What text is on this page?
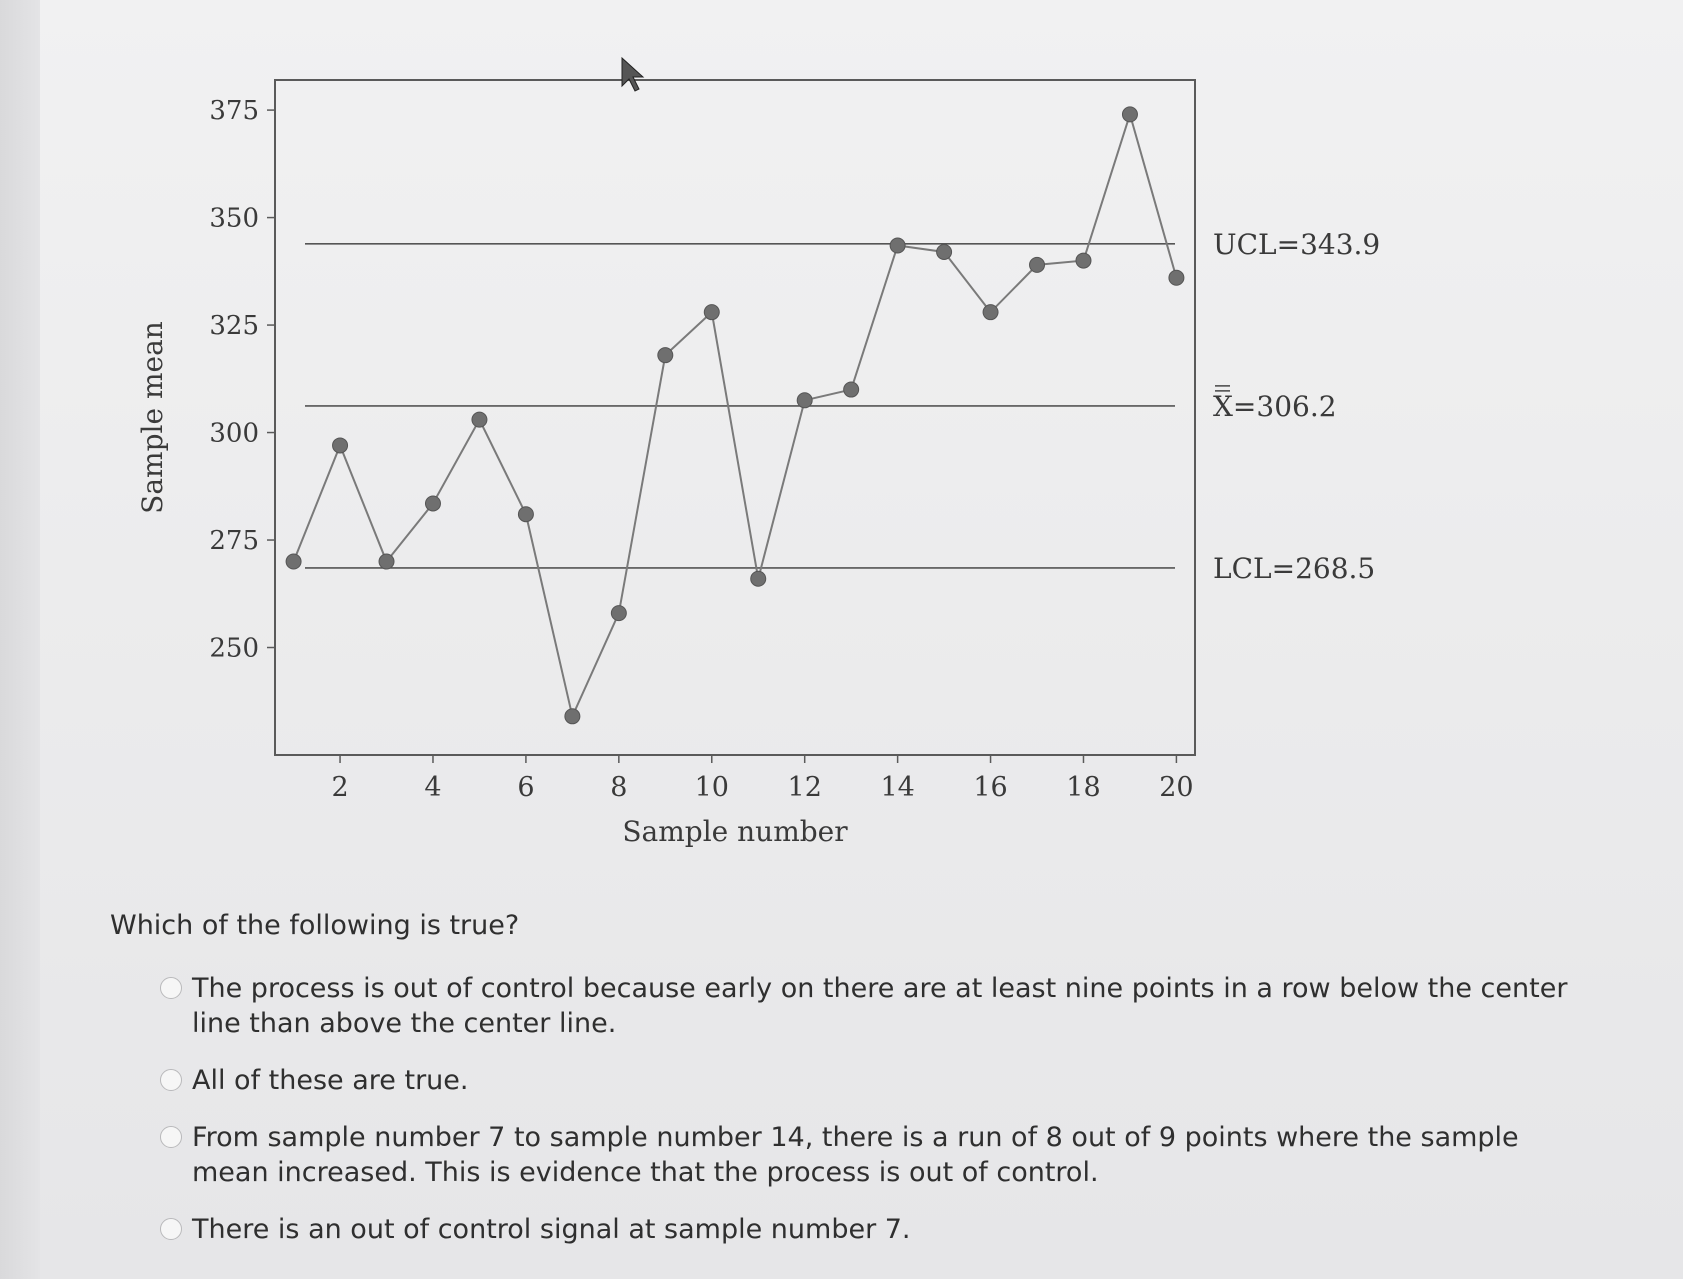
250
275
300
325
350
375
2	4	6	8 10 12 14 16 18 20
Sample number
Sample mean
UCL=343.9
X=306.2
LCL=268.5

Which of the following is true?

The process is out of control because early on there are at least nine points in a row below the center line than above the center line.
All of these are true.
From sample number 7 to sample number 14, there is a run of 8 out of 9 points where the sample mean increased. This is evidence that the process is out of control.
There is an out of control signal at sample number 7.
